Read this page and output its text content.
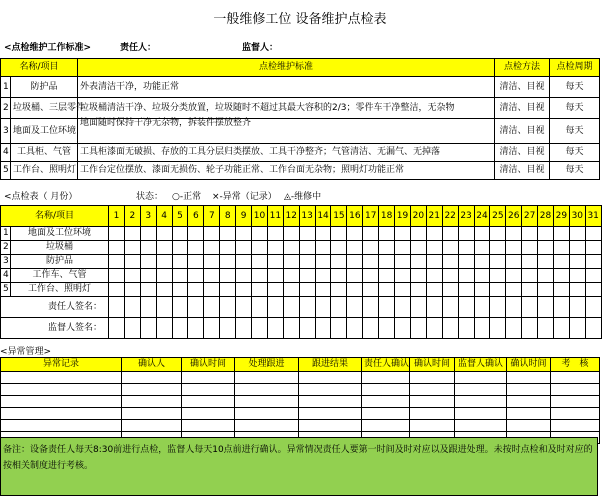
一般维修工位 设备维护点检表
<点检维护工作标准>	责任人：	监督人：
名称/项目		点检维护标准	点检方法	点检周期
1	防护品	外表清洁干净，功能正常	清洁、目视	每天
2	垃圾桶、三层零件	垃圾桶清洁干净、垃圾分类放置，垃圾随时不超过其最大容积的2/3；零件车干净整洁，无杂物	清洁、目视	每天
3	地面及工位环境	地面随时保持干净无杂物，拆装件摆放整齐	清洁、目视	每天
4	工具柜、气管	工具柜漆面无破损、存放的工具分层归类摆放、工具干净整齐；气管清洁、无漏气、无掉落	清洁、目视	每天
5	工作台、照明灯	工作台定位摆放、漆面无损伤、轮子功能正常、工作台面无杂物；照明灯功能正常	清洁、目视	每天
<点检表（ 月份）	状态： ○-正常 ×-异常（记录） ◬-维修中
名称/项目		1	2	3	4	5	6	7	8	9	10	11	12	13	14	15	16	17	18	19	20	21	22	23	24	25	26	27	28	29	30	31
1	地面及工位环境																															
2	垃圾桶																															
3	防护品																															
4	工作车、气管																															
5	工作台、照明灯																															
责任人签名：																																
监督人签名：																																
<异常管理>
异常记录	确认人	确认时间	处理跟进	跟进结果	责任人确认	确认时间	监督人确认	确认时间	考　核

备注：设备责任人每天8:30前进行点检，监督人每天10点前进行确认。异常情况责任人要第一时间及时对应以及跟进处理。未按时点检和及时对应的
按相关制度进行考核。
